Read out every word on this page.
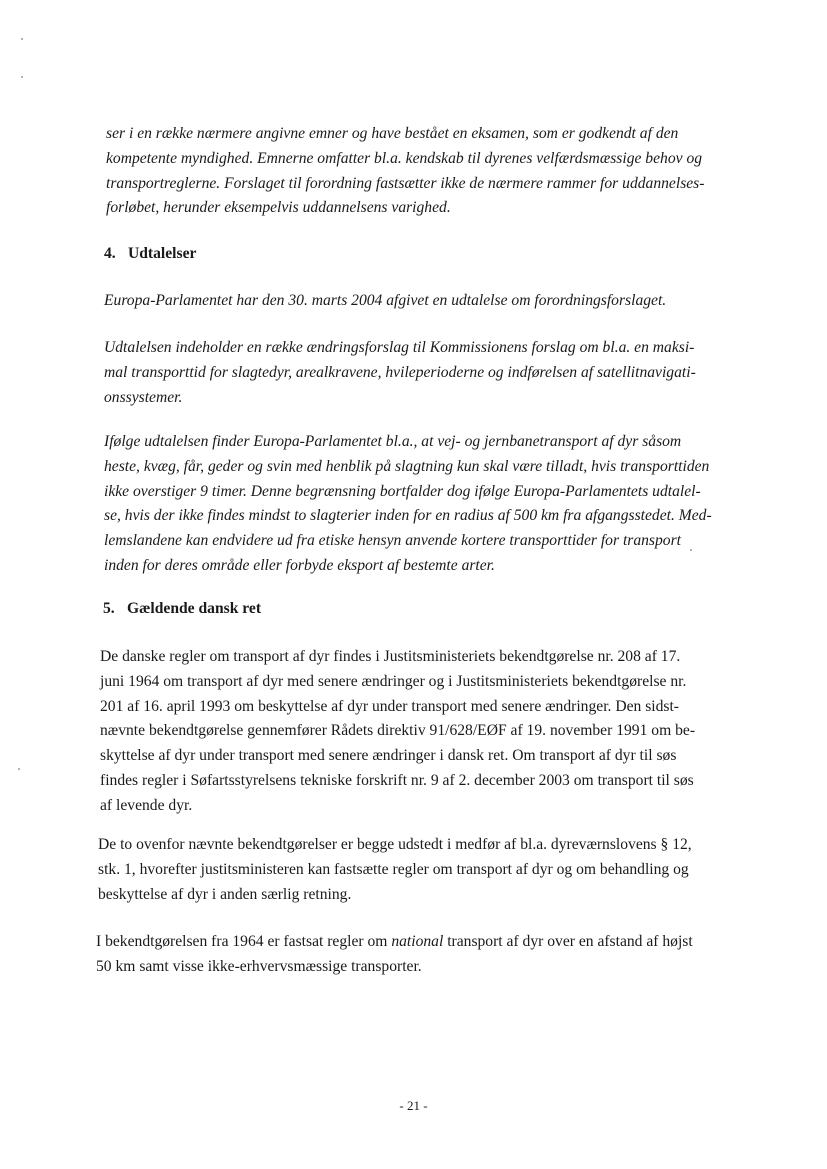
ser i en række nærmere angivne emner og have bestået en eksamen, som er godkendt af den
kompetente myndighed. Emnerne omfatter bl.a. kendskab til dyrenes velfærdsmæssige behov og
transportreglerne. Forslaget til forordning fastsætter ikke de nærmere rammer for uddannelses-
forløbet, herunder eksempelvis uddannelsens varighed.
4. Udtalelser
Europa-Parlamentet har den 30. marts 2004 afgivet en udtalelse om forordningsforslaget.
Udtalelsen indeholder en række ændringsforslag til Kommissionens forslag om bl.a. en maksi-
mal transporttid for slagtedyr, arealkravene, hvileperioderne og indførelsen af satellitnavigati-
onssystemer.
Ifølge udtalelsen finder Europa-Parlamentet bl.a., at vej- og jernbanetransport af dyr såsom
heste, kvæg, får, geder og svin med henblik på slagtning kun skal være tilladt, hvis transporttiden
ikke overstiger 9 timer. Denne begrænsning bortfalder dog ifølge Europa-Parlamentets udtalel-
se, hvis der ikke findes mindst to slagterier inden for en radius af 500 km fra afgangsstedet. Med-
lemslandene kan endvidere ud fra etiske hensyn anvende kortere transporttider for transport
inden for deres område eller forbyde eksport af bestemte arter.
5. Gældende dansk ret
De danske regler om transport af dyr findes i Justitsministeriets bekendtgørelse nr. 208 af 17.
juni 1964 om transport af dyr med senere ændringer og i Justitsministeriets bekendtgørelse nr.
201 af 16. april 1993 om beskyttelse af dyr under transport med senere ændringer. Den sidst-
nævnte bekendtgørelse gennemfører Rådets direktiv 91/628/EØF af 19. november 1991 om be-
skyttelse af dyr under transport med senere ændringer i dansk ret. Om transport af dyr til søs
findes regler i Søfartsstyrelsens tekniske forskrift nr. 9 af 2. december 2003 om transport til søs
af levende dyr.
De to ovenfor nævnte bekendtgørelser er begge udstedt i medfør af bl.a. dyreværnslovens § 12,
stk. 1, hvorefter justitsministeren kan fastsætte regler om transport af dyr og om behandling og
beskyttelse af dyr i anden særlig retning.
I bekendtgørelsen fra 1964 er fastsat regler om national transport af dyr over en afstand af højst
50 km samt visse ikke-erhvervsmæssige transporter.
- 21 -
